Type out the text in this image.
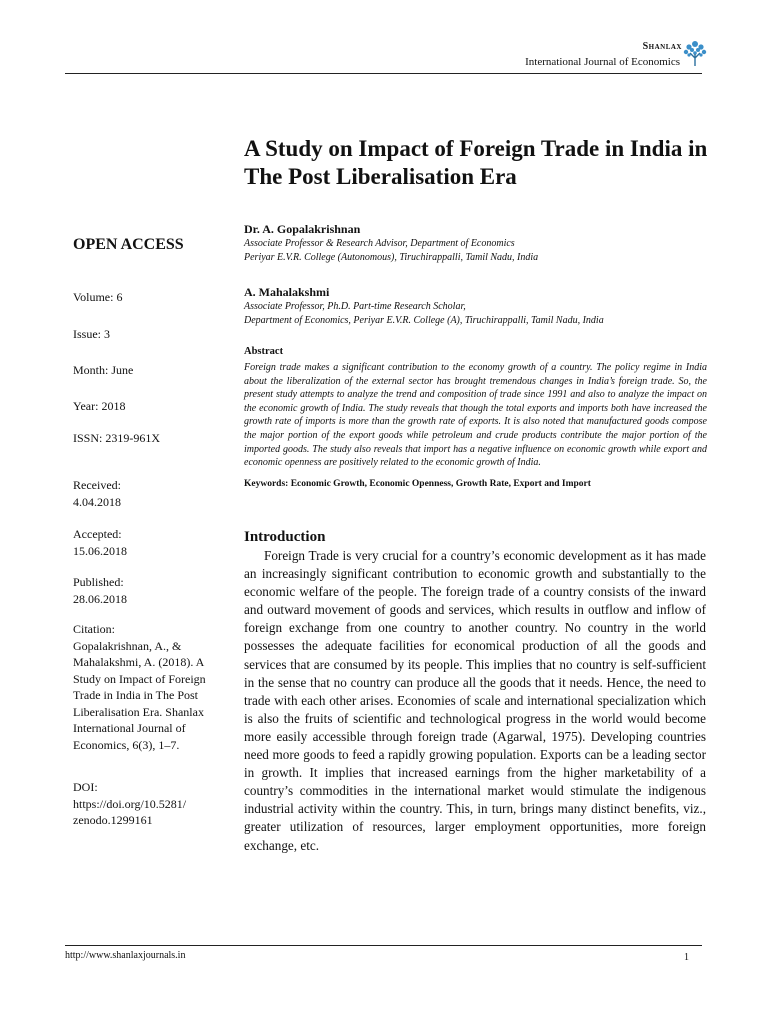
Shanlax
International Journal of Economics
A Study on Impact of Foreign Trade in India in The Post Liberalisation Era
Dr. A. Gopalakrishnan
Associate Professor & Research Advisor, Department of Economics
Periyar E.V.R. College (Autonomous), Tiruchirappalli, Tamil Nadu, India
A. Mahalakshmi
Associate Professor, Ph.D. Part-time Research Scholar,
Department of Economics, Periyar E.V.R. College (A), Tiruchirappalli, Tamil Nadu, India
Abstract
Foreign trade makes a significant contribution to the economy growth of a country. The policy regime in India about the liberalization of the external sector has brought tremendous changes in India’s foreign trade. So, the present study attempts to analyze the trend and composition of trade since 1991 and also to analyze the impact on the economic growth of India. The study reveals that though the total exports and imports both have increased the growth rate of imports is more than the growth rate of exports. It is also noted that manufactured goods compose the major portion of the export goods while petroleum and crude products contribute the major portion of the imported goods. The study also reveals that import has a negative influence on economic growth while export and economic openness are positively related to the economic growth of India.
Keywords: Economic Growth, Economic Openness, Growth Rate, Export and Import
Introduction

Foreign Trade is very crucial for a country’s economic development as it has made an increasingly significant contribution to economic growth and substantially to the economic welfare of the people. The foreign trade of a country consists of the inward and outward movement of goods and services, which results in outflow and inflow of foreign exchange from one country to another country. No country in the world possesses the adequate facilities for economical production of all the goods and services that are consumed by its people. This implies that no country is self-sufficient in the sense that no country can produce all the goods that it needs. Hence, the need to trade with each other arises. Economies of scale and international specialization which is also the fruits of scientific and technological progress in the world would become more easily accessible through foreign trade (Agarwal, 1975). Developing countries need more goods to feed a rapidly growing population. Exports can be a leading sector in growth. It implies that increased earnings from the higher marketability of a country’s commodities in the international market would stimulate the indigenous industrial activity within the country. This, in turn, brings many distinct benefits, viz., greater utilization of resources, larger employment opportunities, more foreign exchange, etc.

OPEN ACCESS
Volume: 6
Issue: 3
Month: June
Year: 2018
ISSN: 2319-961X
Received:
4.04.2018
Accepted:
15.06.2018
Published:
28.06.2018
Citation:
Gopalakrishnan, A., & Mahalakshmi, A. (2018). A Study on Impact of Foreign Trade in India in The Post Liberalisation Era. Shanlax International Journal of Economics, 6(3), 1–7.
DOI:
https://doi.org/10.5281/
zenodo.1299161
http://www.shanlaxjournals.in	1
